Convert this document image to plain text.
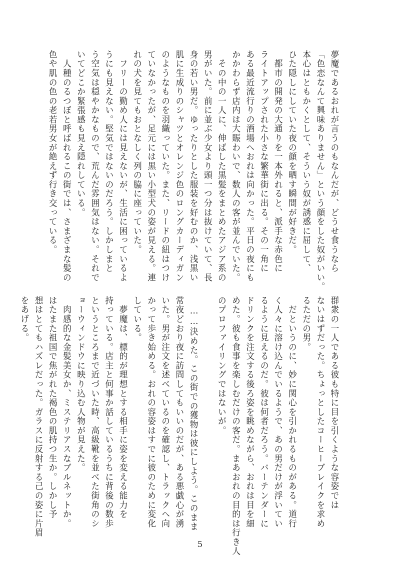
夢魔であるおれが言うのもなんだが、どうせ食うなら

「色恋なんて興味ありません」という顔をした奴がいい。

本心はともかくとして、そういう奴が誘惑に屈して、

ひた隠しにしていた夜の顔を晒す瞬間が好きだ。

　都市の開発の大通りを一本外れると、派手な赤色に

ライトアップされた小さな繁華街に出る。その一角に

ある最近流行りの酒場へおれは向かった。平日の夜にも

かかわらず店内は大賑わいで、数人の客が並んでいた。

　その中の一人に、伸ばした黒髪をまとめたアジア系の

男がいた。前に並ぶ少女より頭一つ分は抜けていて、長

身の若い男だ。ゆったりとした服装を好むのか、浅黒い

肌に生成りのシャツとオレンジ色のロングカーディガン

のようなものを羽織っていた。また、リードの紐はつけ

ていなかったが、足元には黒い小型犬の姿が見える。連

れの犬を見てもおとなしく列の脇に座っていた。

　フリーの勤め人には見えないが、生活に困っているよ

うにも見えない。堅気ではないのだろう。しかしまと

う空気は穏やかなもので、荒んだ雰囲気はない。それで

いてどこか緊張感も見え隠れしている。

　人種のるつぼと呼ばれるこの街では、さまざまな髪の

色や肌の色の老若男女が絶えず行き交っている。

群衆の一人である彼も特に目を引くような容姿では

ないはずだった。ちょっとしたコーヒーブレイクを求め

るただの男。

　だというのに、妙に関心を引かれるものがある。道行

く人々に溶け込んでいるようで、あの男だけが浮いてい

るように見えるのだ。彼は何者だろう。バーテンダーに

ドリンクを注文する後ろ姿を眺めながら、おれは目を細

めた。彼も食事を楽しむだけの客だ。まあおれの目的は行き人

のプロファイリングではないが。

　……決めた。この街での獲物は彼にしよう。このまま

常夜どおり夜に訪問してもいいのだが、ある悪戯心が湧

いた。男が注文を述べているのを確認し、トラックへ向

かって歩き始める。おれの容姿はすでに彼のために変化

している。

　夢魔は、標的が理想とする相手に姿を変える能力を

持っている。店主と何事か話しているうちに背後の数歩

というところまで近づいた時、高級靴を並べた街角のシ

ョーウィンドウに映り込む人物が見えた。

　肉感的な金髪美女か、ミステリアスなブルネットか。

はたまた祖国で焦がれた褐色の肌持つ生か。しかし予

想はとてもハズレだった。ガラスに反射する己の姿に片眉

をあげる。

5
